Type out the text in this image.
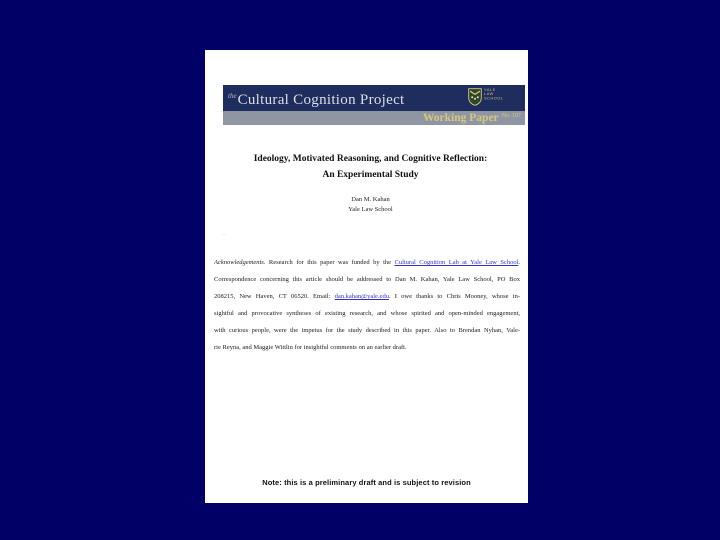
the Cultural Cognition Project
YALE
LAW
SCHOOL
Working Paper No. 107
Ideology, Motivated Reasoning, and Cognitive Reflection:
An Experimental Study
Dan M. Kahan
Yale Law School
.
Acknowledgements. Research for this paper was funded by the Cultural Cognition Lab at Yale Law School.
Correspondence concerning this article should be addressed to Dan M. Kahan, Yale Law School, PO Box
208215, New Haven, CT 06520. Email: dan.kahan@yale.edu. I owe thanks to Chris Mooney, whose in-
sightful and provocative syntheses of existing research, and whose spirited and open-minded engagement,
with curious people, were the impetus for the study described in this paper. Also to Brendan Nyhan, Vale-
rie Reyna, and Maggie Wittlin for insightful comments on an earlier draft.
Note: this is a preliminary draft and is subject to revision
